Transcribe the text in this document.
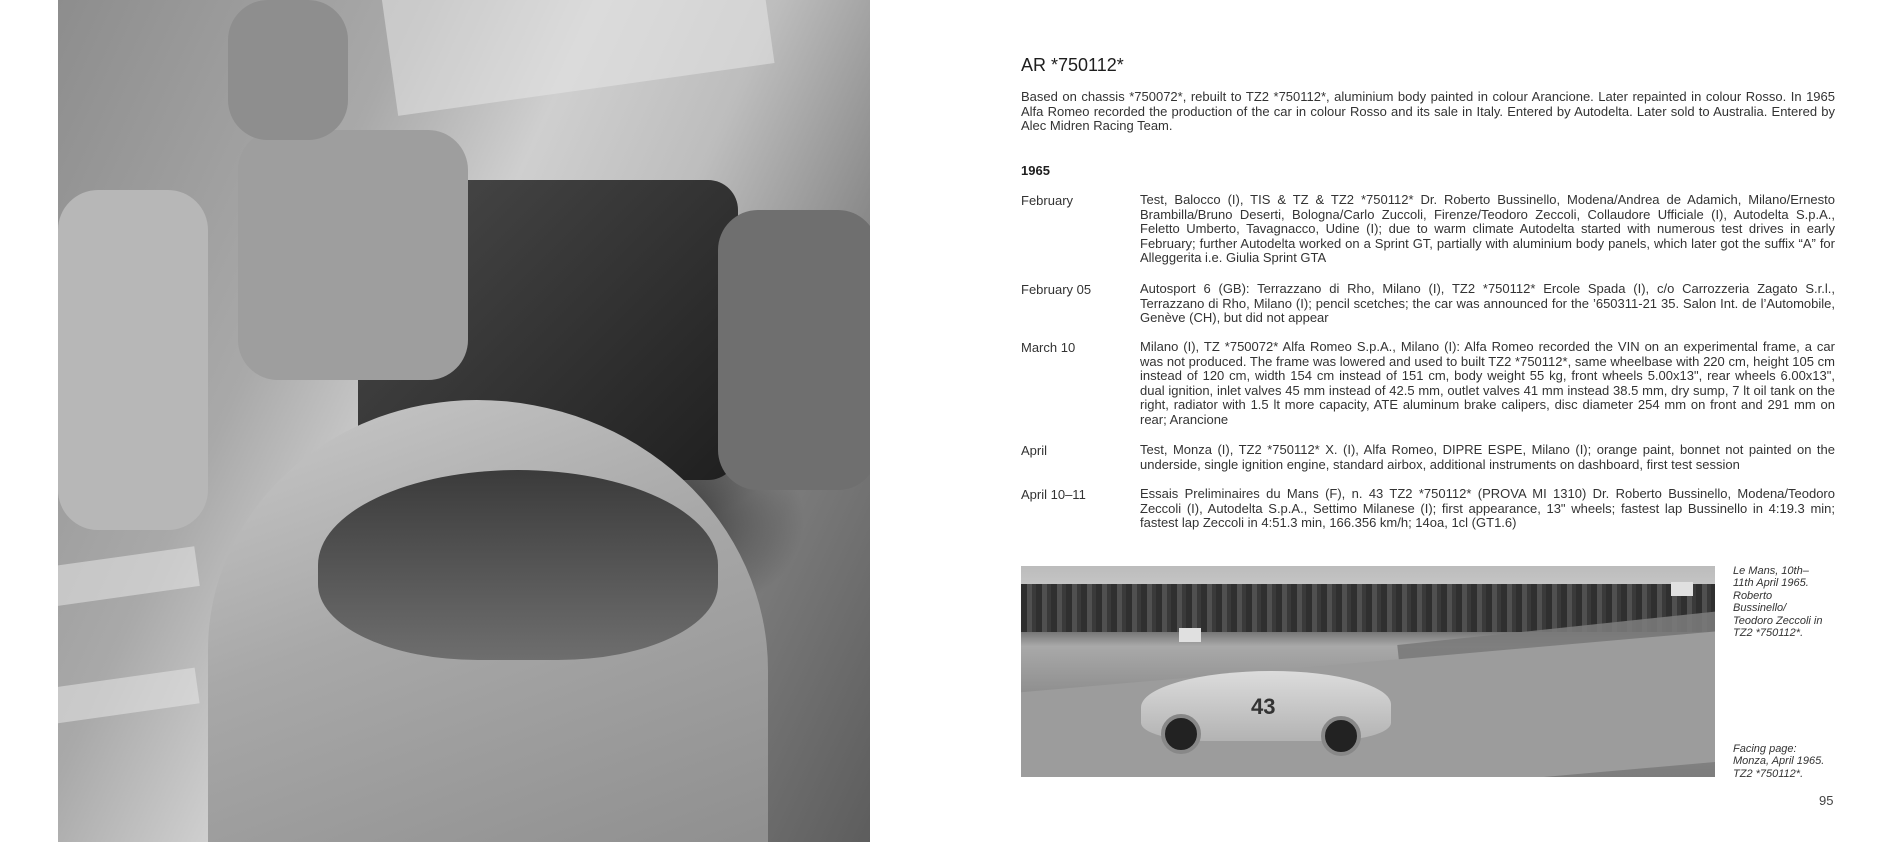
AR *750112*
Based on chassis *750072*, rebuilt to TZ2 *750112*, aluminium body painted in colour Arancione. Later repainted in colour Rosso. In 1965 Alfa Romeo recorded the production of the car in colour Rosso and its sale in Italy. Entered by Autodelta. Later sold to Australia. Entered by Alec Midren Racing Team.
1965
February	Test, Balocco (I), TIS & TZ & TZ2 *750112* Dr. Roberto Bussinello, Modena/Andrea de Adamich, Milano/Ernesto Brambilla/Bruno Deserti, Bologna/Carlo Zuccoli, Firenze/Teodoro Zeccoli, Collaudore Ufficiale (I), Autodelta S.p.A., Feletto Umberto, Tavagnacco, Udine (I); due to warm climate Autodelta started with numerous test drives in early February; further Autodelta worked on a Sprint GT, partially with aluminium body panels, which later got the suffix “A” for Alleggerita i.e. Giulia Sprint GTA
February 05	Autosport 6 (GB): Terrazzano di Rho, Milano (I), TZ2 *750112* Ercole Spada (I), c/o Carrozzeria Zagato S.r.l., Terrazzano di Rho, Milano (I); pencil scetches; the car was announced for the ’650311-21 35. Salon Int. de l’Automobile, Genève (CH), but did not appear
March 10	Milano (I), TZ *750072* Alfa Romeo S.p.A., Milano (I): Alfa Romeo recorded the VIN on an experimental frame, a car was not produced. The frame was lowered and used to built TZ2 *750112*, same wheelbase with 220 cm, height 105 cm instead of 120 cm, width 154 cm instead of 151 cm, body weight 55 kg, front wheels 5.00x13", rear wheels 6.00x13", dual ignition, inlet valves 45 mm instead of 42.5 mm, outlet valves 41 mm instead 38.5 mm, dry sump, 7 lt oil tank on the right, radiator with 1.5 lt more capacity, ATE aluminum brake calipers, disc diameter 254 mm on front and 291 mm on rear; Arancione
April	Test, Monza (I), TZ2 *750112* X. (I), Alfa Romeo, DIPRE ESPE, Milano (I); orange paint, bonnet not painted on the underside, single ignition engine, standard airbox, additional instruments on dashboard, first test session
April 10–11	Essais Preliminaires du Mans (F), n. 43 TZ2 *750112* (PROVA MI 1310) Dr. Roberto Bussinello, Modena/Teodoro Zeccoli (I), Autodelta S.p.A., Settimo Milanese (I); first appearance, 13" wheels; fastest lap Bussinello in 4:19.3 min; fastest lap Zeccoli in 4:51.3 min, 166.356 km/h; 14oa, 1cl (GT1.6)
43
Le Mans, 10th–11th April 1965. Roberto Bussinello/ Teodoro Zeccoli in TZ2 *750112*.
Facing page: Monza, April 1965. TZ2 *750112*.
95
